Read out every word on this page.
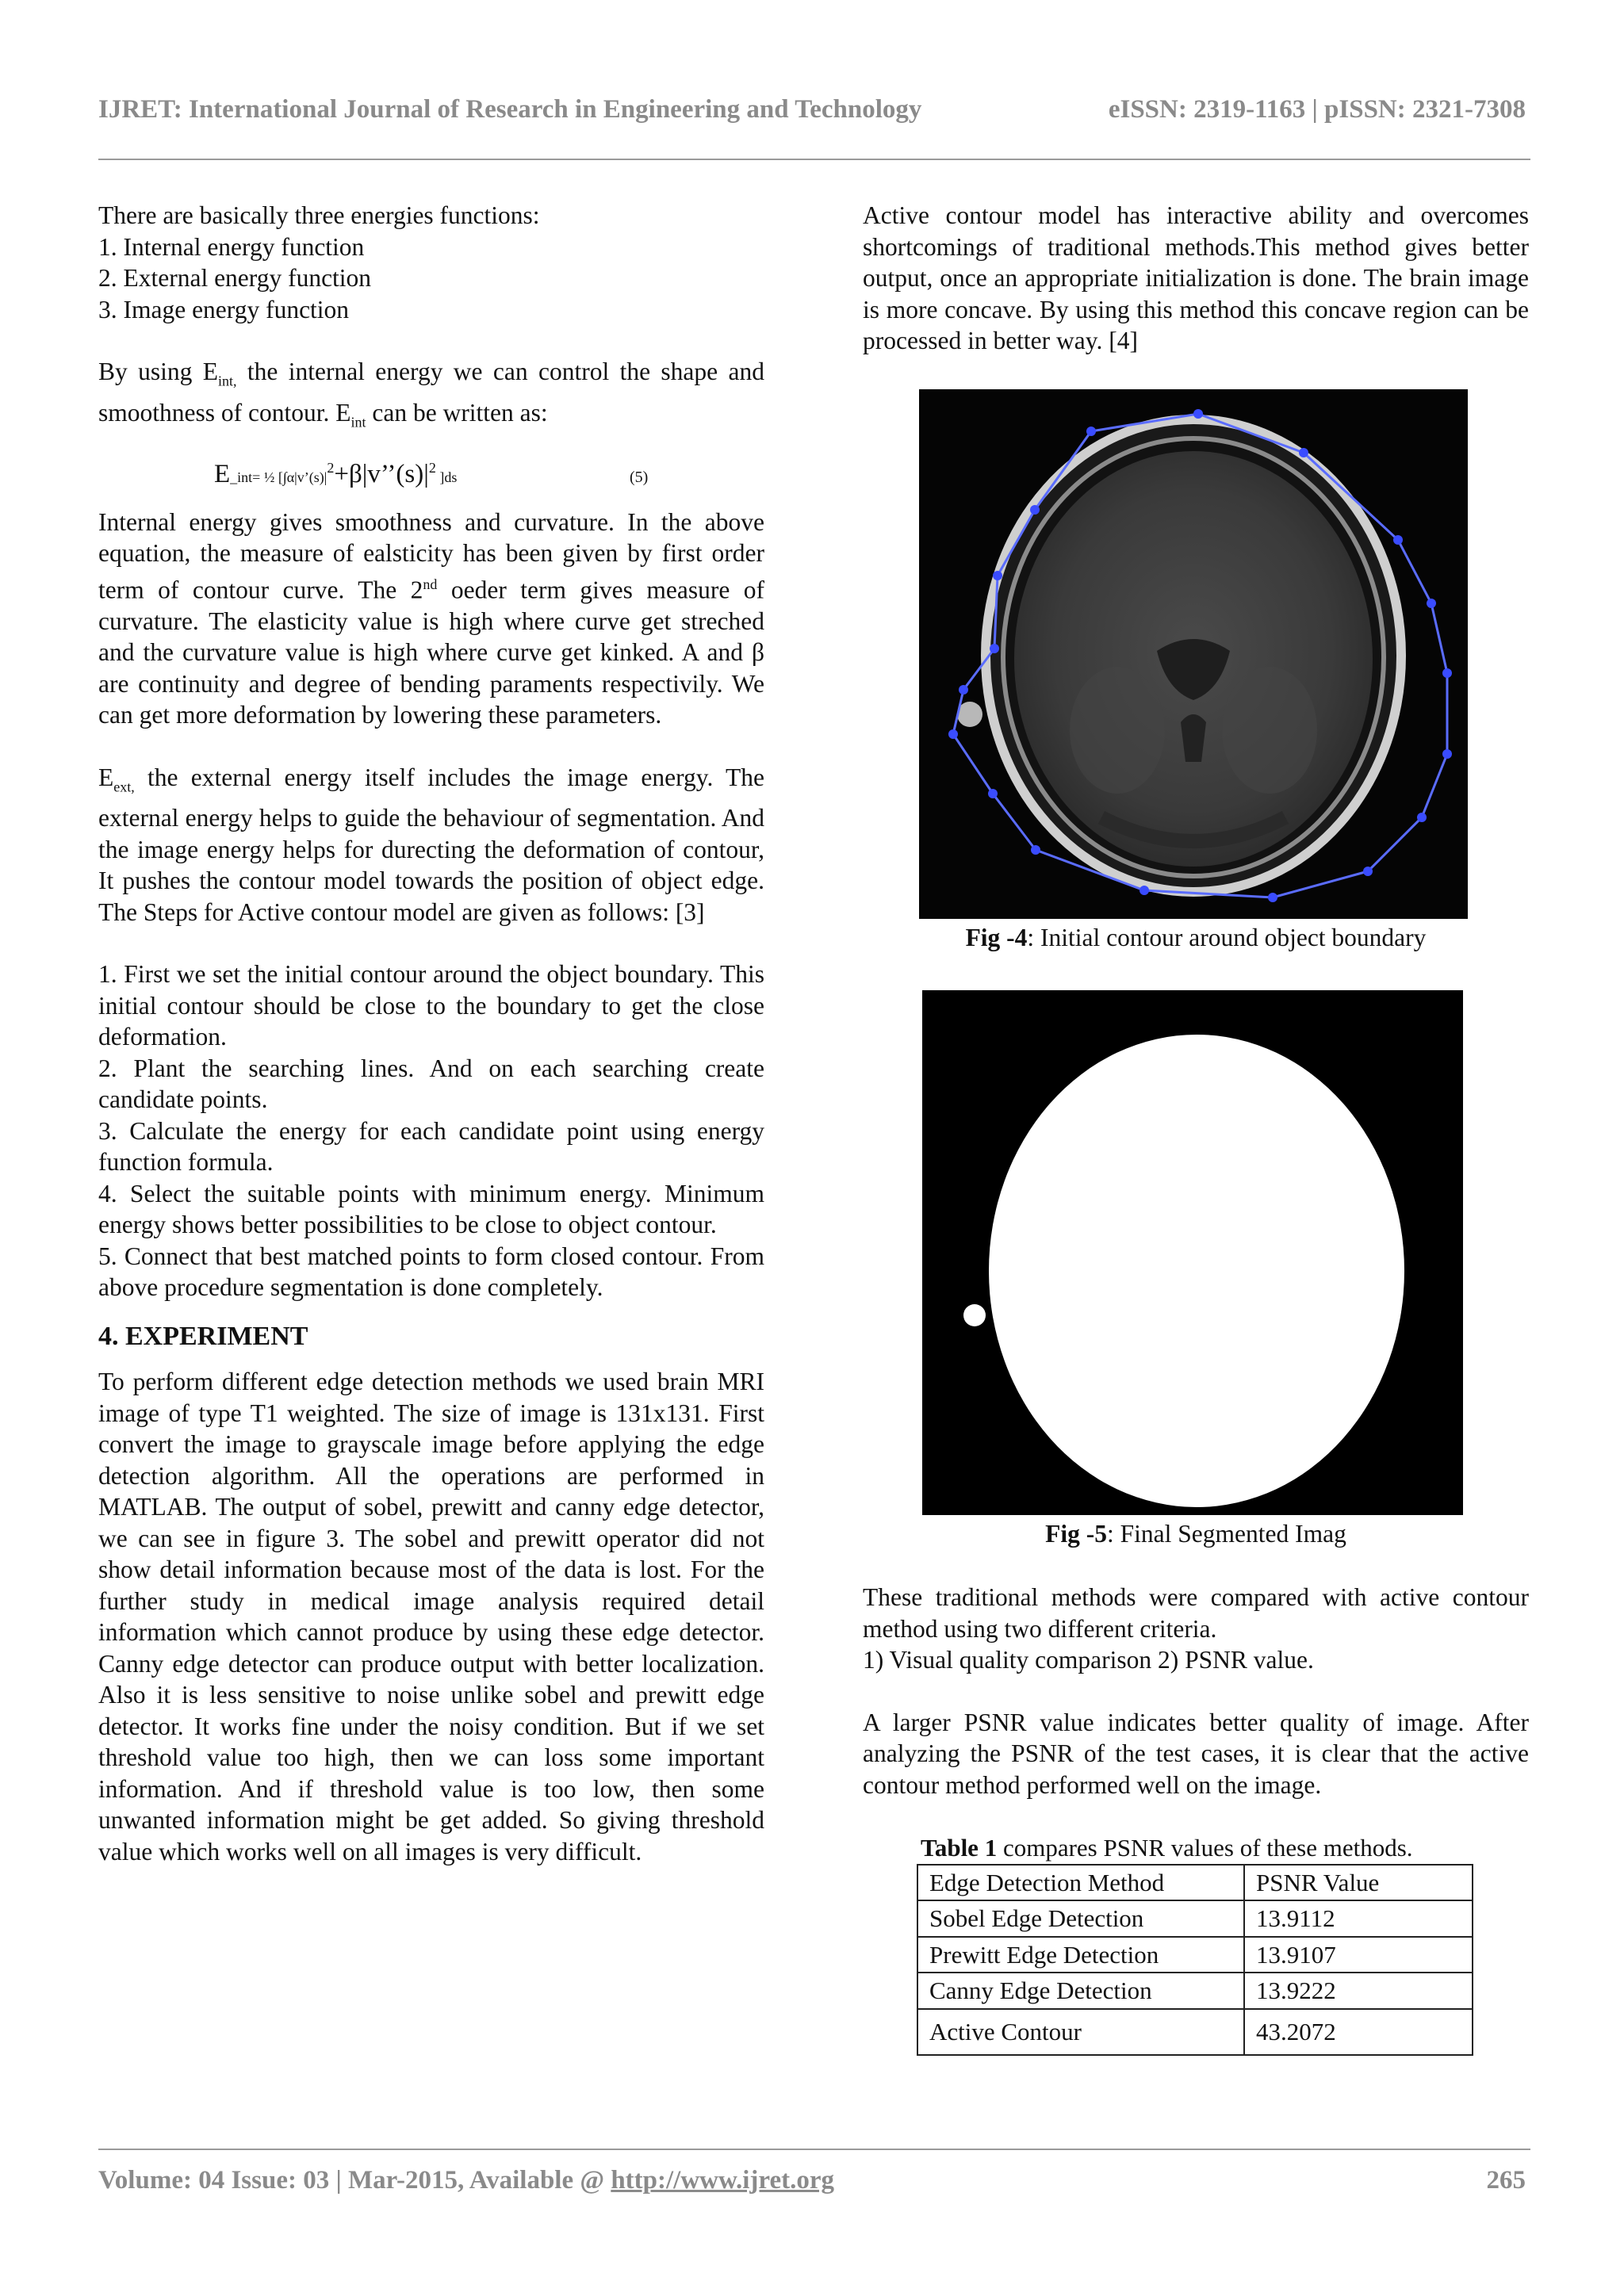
IJRET: International Journal of Research in Engineering and Technology	eISSN: 2319-1163 | pISSN: 2321-7308

There are basically three energies functions:

1. Internal energy function

2. External energy function

3. Image energy function

By using $E_{int,}$ the internal energy we can control the shape and smoothness of contour. $E_{int}$ can be written as:

E_int= ½ [$\int\alpha|v’(s)|^2+\beta|v’’(s)|^2$ ]ds	(5)

Internal energy gives smoothness and curvature. In the above equation, the measure of ealsticity has been given by first order term of contour curve. The 2nd oeder term gives measure of curvature. The elasticity value is high where curve get streched and the curvature value is high where curve get kinked. A and β are continuity and degree of bending paraments respectivily. We can get more deformation by lowering these parameters.

$E_{ext,}$ the external energy itself includes the image energy. The external energy helps to guide the behaviour of segmentation. And the image energy helps for durecting the deformation of contour, It pushes the contour model towards the position of object edge. The Steps for Active contour model are given as follows: [3]

1. First we set the initial contour around the object boundary. This initial contour should be close to the boundary to get the close deformation.

2. Plant the searching lines. And on each searching create candidate points.

3. Calculate the energy for each candidate point using energy function formula.

4. Select the suitable points with minimum energy. Minimum energy shows better possibilities to be close to object contour.

5. Connect that best matched points to form closed contour. From above procedure segmentation is done completely.

4. EXPERIMENT

To perform different edge detection methods we used brain MRI image of type T1 weighted. The size of image is 131x131. First convert the image to grayscale image before applying the edge detection algorithm. All the operations are performed in MATLAB. The output of sobel, prewitt and canny edge detector, we can see in figure 3. The sobel and prewitt operator did not show detail information because most of the data is lost. For the further study in medical image analysis required detail information which cannot produce by using these edge detector. Canny edge detector can produce output with better localization. Also it is less sensitive to noise unlike sobel and prewitt edge detector. It works fine under the noisy condition. But if we set threshold value too high, then we can loss some important information. And if threshold value is too low, then some unwanted information might be get added. So giving threshold value which works well on all images is very difficult.

Active contour model has interactive ability and overcomes shortcomings of traditional methods.This method gives better output, once an appropriate initialization is done. The brain image is more concave. By using this method this concave region can be processed in better way. [4]

Fig -4: Initial contour around object boundary
Fig -5: Final Segmented Imag

These traditional methods were compared with active contour method using two different criteria.

1) Visual quality comparison 2) PSNR value.

A larger PSNR value indicates better quality of image. After analyzing the PSNR of the test cases, it is clear that the active contour method performed well on the image.

Table 1 compares PSNR values of these methods.

Edge Detection Method	PSNR Value
Sobel Edge Detection	13.9112
Prewitt Edge Detection	13.9107
Canny Edge Detection	13.9222
Active Contour	43.2072
Volume: 04 Issue: 03 | Mar-2015, Available @ http://www.ijret.org	265
